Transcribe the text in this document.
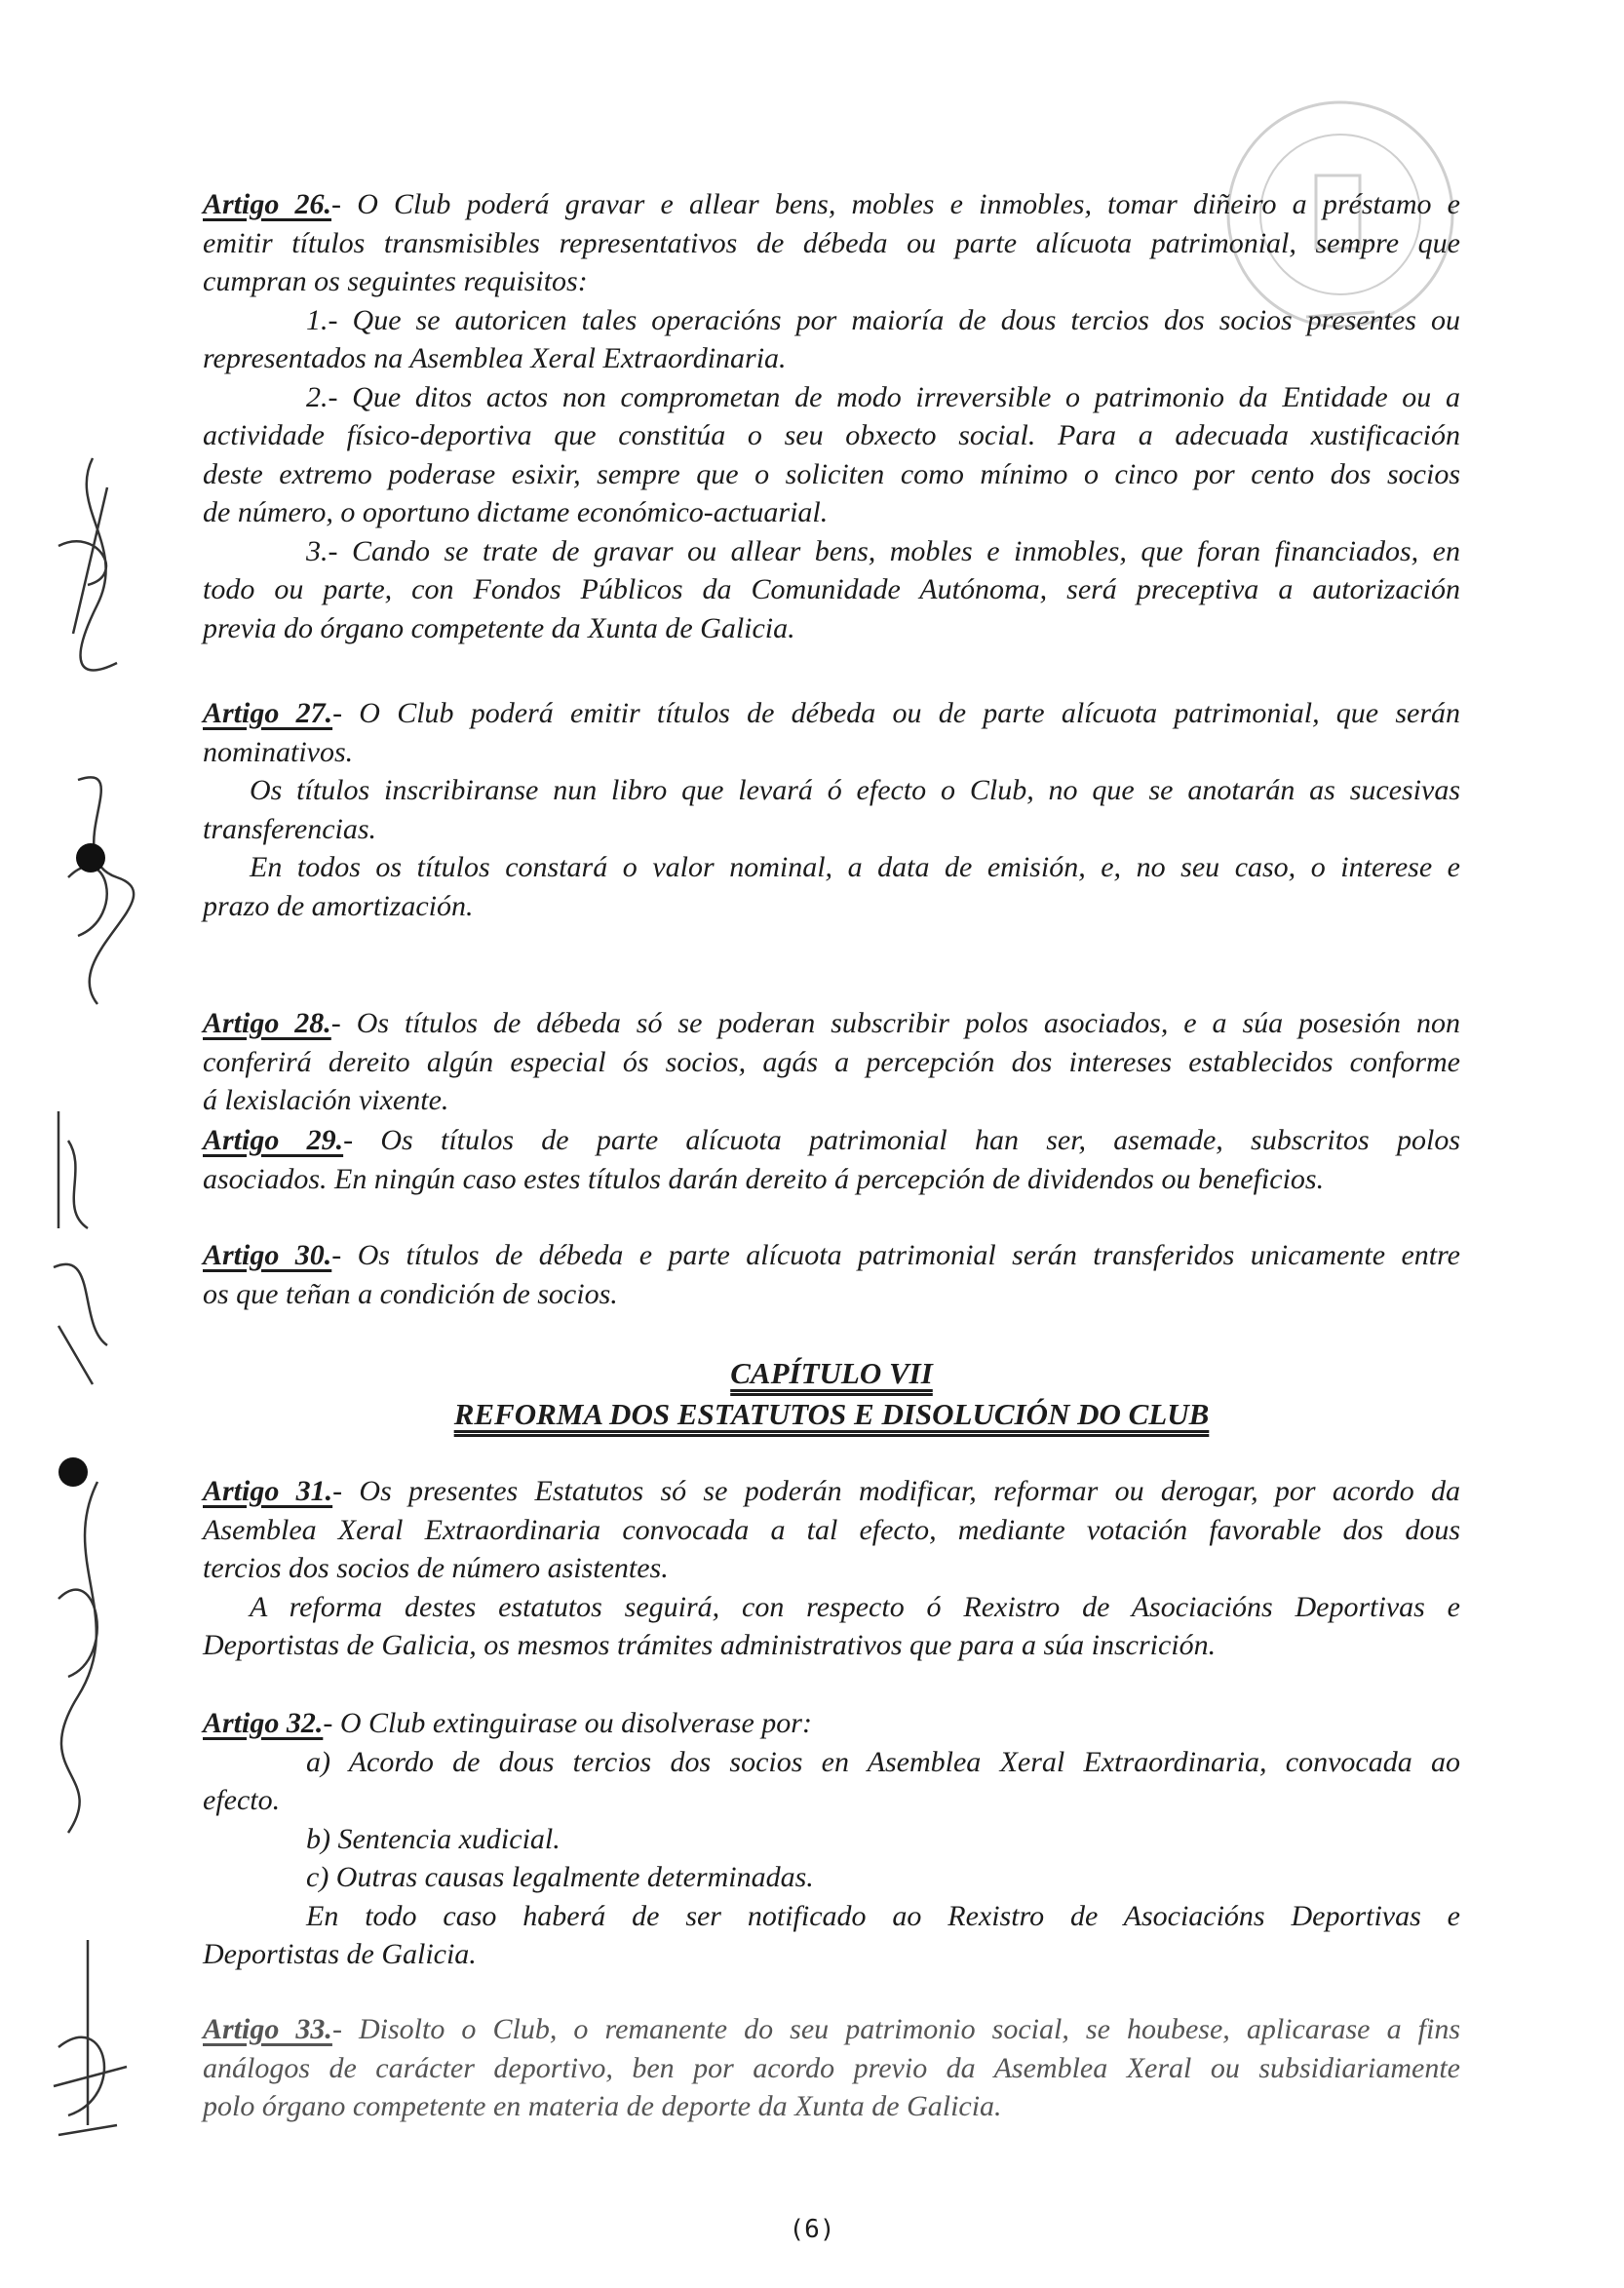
Artigo 26.- O Club poderá gravar e allear bens, mobles e inmobles, tomar diñeiro a préstamo e
emitir títulos transmisibles representativos de débeda ou parte alícuota patrimonial, sempre que
cumpran os seguintes requisitos:
1.- Que se autoricen tales operacións por maioría de dous tercios dos socios presentes ou
representados na Asemblea Xeral Extraordinaria.
2.- Que ditos actos non comprometan de modo irreversible o patrimonio da Entidade ou a
actividade físico-deportiva que constitúa o seu obxecto social. Para a adecuada xustificación
deste extremo poderase esixir, sempre que o soliciten como mínimo o cinco por cento dos socios
de número, o oportuno dictame económico-actuarial.
3.- Cando se trate de gravar ou allear bens, mobles e inmobles, que foran financiados, en
todo ou parte, con Fondos Públicos da Comunidade Autónoma, será preceptiva a autorización
previa do órgano competente da Xunta de Galicia.
Artigo 27.- O Club poderá emitir títulos de débeda ou de parte alícuota patrimonial, que serán
nominativos.
Os títulos inscribiranse nun libro que levará ó efecto o Club, no que se anotarán as sucesivas
transferencias.
En todos os títulos constará o valor nominal, a data de emisión, e, no seu caso, o interese e
prazo de amortización.
Artigo 28.- Os títulos de débeda só se poderan subscribir polos asociados, e a súa posesión non
conferirá dereito algún especial ós socios, agás a percepción dos intereses establecidos conforme
á lexislación vixente.
Artigo 29.- Os títulos de parte alícuota patrimonial han ser, asemade, subscritos polos
asociados. En ningún caso estes títulos darán dereito á percepción de dividendos ou beneficios.
Artigo 30.- Os títulos de débeda e parte alícuota patrimonial serán transferidos unicamente entre
os que teñan a condición de socios.
Artigo 31.- Os presentes Estatutos só se poderán modificar, reformar ou derogar, por acordo da
Asemblea Xeral Extraordinaria convocada a tal efecto, mediante votación favorable dos dous
tercios dos socios de número asistentes.
A reforma destes estatutos seguirá, con respecto ó Rexistro de Asociacións Deportivas e
Deportistas de Galicia, os mesmos trámites administrativos que para a súa inscrición.
Artigo 32.- O Club extinguirase ou disolverase por:
a) Acordo de dous tercios dos socios en Asemblea Xeral Extraordinaria, convocada ao
efecto.
b) Sentencia xudicial.
c) Outras causas legalmente determinadas.
En todo caso haberá de ser notificado ao Rexistro de Asociacións Deportivas e
Deportistas de Galicia.
Artigo 33.- Disolto o Club, o remanente do seu patrimonio social, se houbese, aplicarase a fins
análogos de carácter deportivo, ben por acordo previo da Asemblea Xeral ou subsidiariamente
polo órgano competente en materia de deporte da Xunta de Galicia.
CAPÍTULO VII
REFORMA DOS ESTATUTOS E DISOLUCIÓN DO CLUB
(6)
